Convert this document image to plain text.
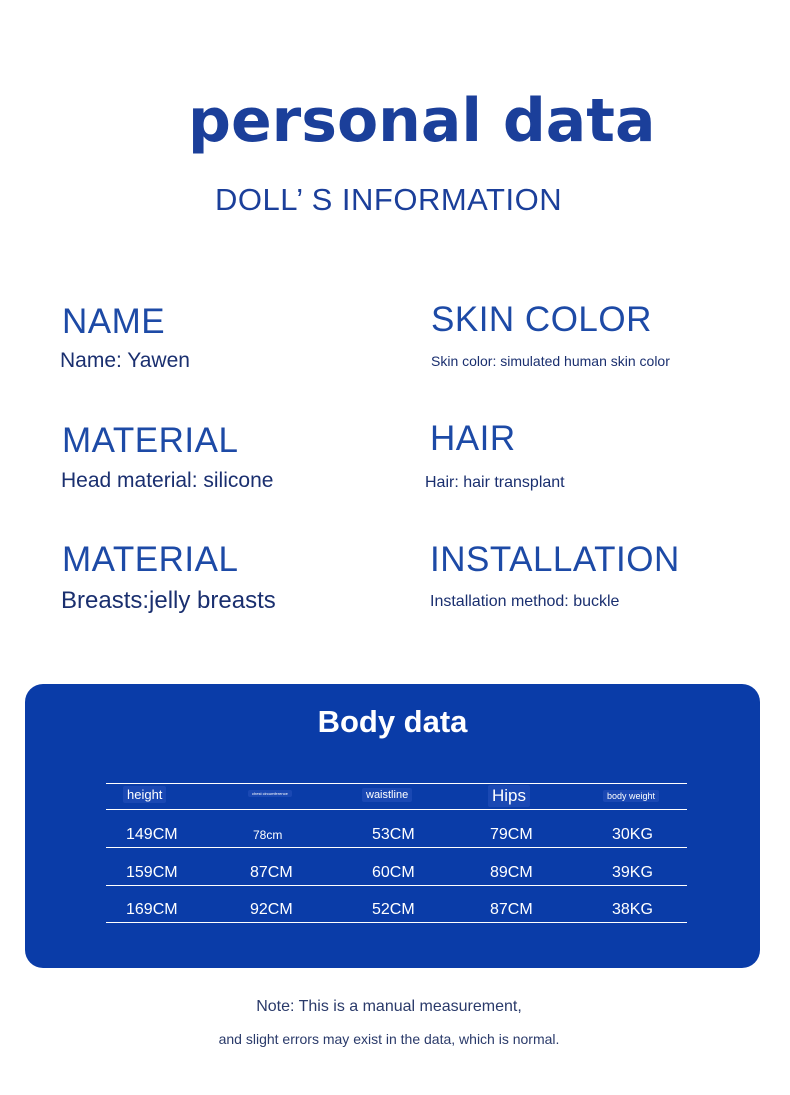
personal data
DOLL’ S INFORMATION
NAME
Name: Yawen
MATERIAL
Head material: silicone
MATERIAL
Breasts:jelly breasts
SKIN COLOR
Skin color: simulated human skin color
HAIR
Hair: hair transplant
INSTALLATION
Installation method: buckle
Body data
height	chest circumference	waistline	Hips	body weight
149CM	78cm	53CM	79CM	30KG
159CM	87CM	60CM	89CM	39KG
169CM	92CM	52CM	87CM	38KG
Note: This is a manual measurement,
and slight errors may exist in the data, which is normal.
